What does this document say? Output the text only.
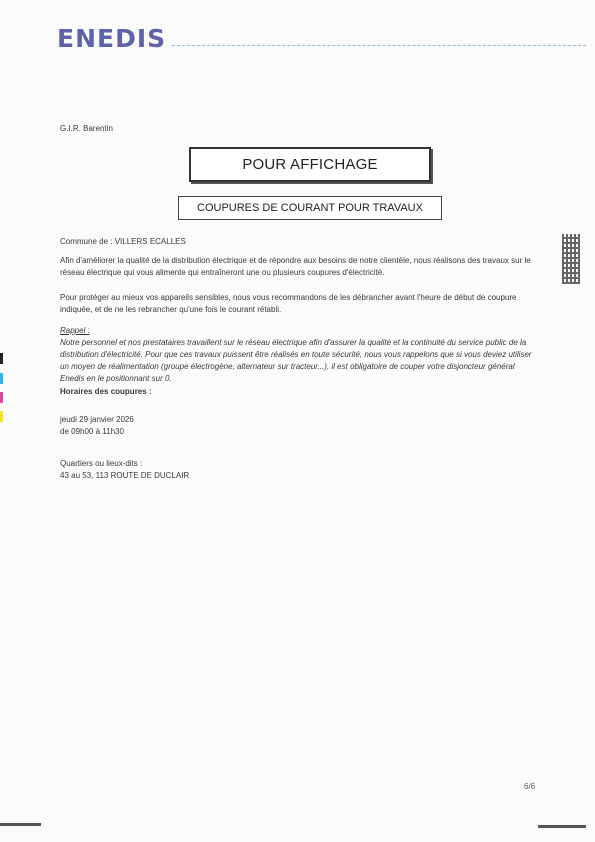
ENEDIS
G.I.R. Barentin
POUR AFFICHAGE
COUPURES DE COURANT POUR TRAVAUX
Commune de : VILLERS ECALLES
Afin d'améliorer la qualité de la distribution électrique et de répondre aux besoins de notre clientèle, nous réalisons des travaux sur le réseau électrique qui vous alimente qui entraîneront une ou plusieurs coupures d'électricité.
Pour protéger au mieux vos appareils sensibles, nous vous recommandons de les débrancher avant l'heure de début de coupure indiquée, et de ne les rebrancher qu'une fois le courant rétabli.
Rappel :
Notre personnel et nos prestataires travaillent sur le réseau électrique afin d'assurer la qualité et la continuité du service public de la distribution d'électricité. Pour que ces travaux puissent être réalisés en toute sécurité, nous vous rappelons que si vous deviez utiliser un moyen de réalimentation (groupe électrogène, alternateur sur tracteur...), il est obligatoire de couper votre disjoncteur général Enedis en le positionnant sur 0.
Horaires des coupures :
jeudi 29 janvier 2026
de 09h00 à 11h30
Quartiers ou lieux-dits :
43 au 53, 113 ROUTE DE DUCLAIR
6/6
